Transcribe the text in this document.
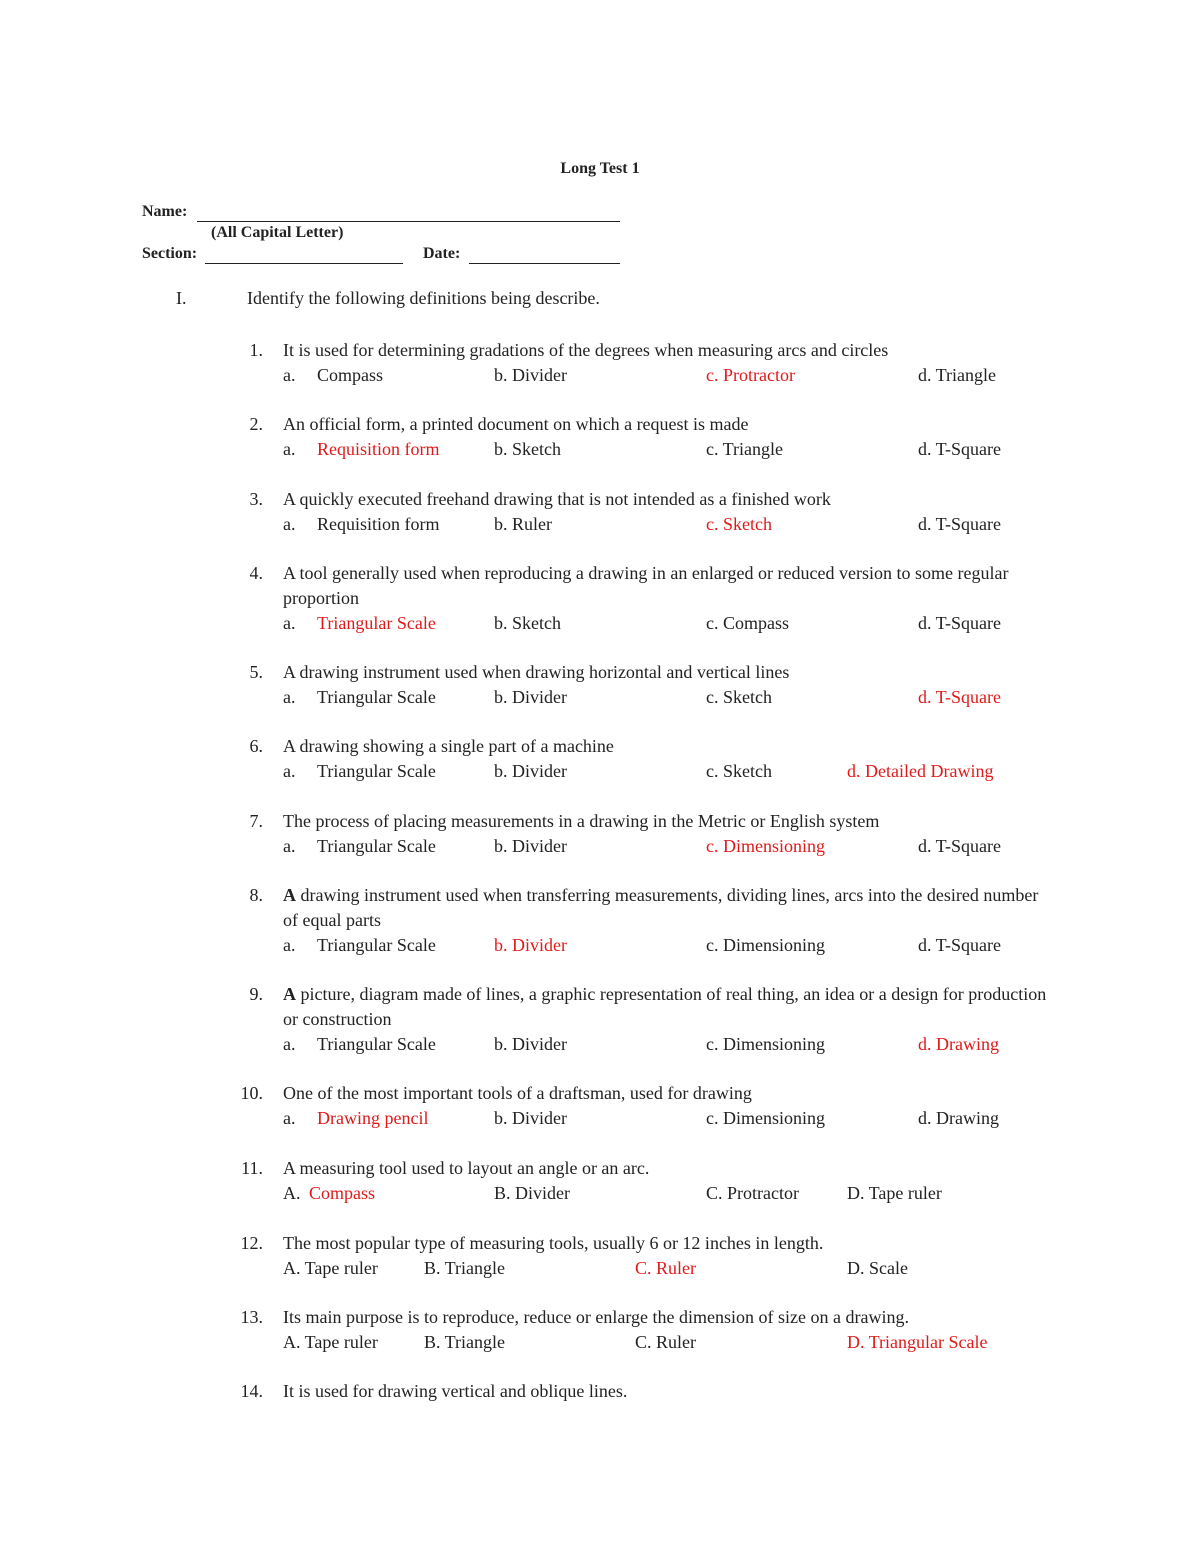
Long Test 1
Name:
(All Capital Letter)
Section:	Date:
I.	Identify the following definitions being describe.
1. It is used for determining gradations of the degrees when measuring arcs and circles
a. Compass	b. Divider	c. Protractor	d. Triangle
2. An official form, a printed document on which a request is made
a. Requisition form	b. Sketch	c. Triangle	d. T-Square
3. A quickly executed freehand drawing that is not intended as a finished work
a. Requisition form	b. Ruler	c. Sketch	d. T-Square
4. A tool generally used when reproducing a drawing in an enlarged or reduced version to some regular proportion
a. Triangular Scale	b. Sketch	c. Compass	d. T-Square
5. A drawing instrument used when drawing horizontal and vertical lines
a. Triangular Scale	b. Divider	c. Sketch	d. T-Square
6. A drawing showing a single part of a machine
a. Triangular Scale	b. Divider	c. Sketch	d. Detailed Drawing
7. The process of placing measurements in a drawing in the Metric or English system
a. Triangular Scale	b. Divider	c. Dimensioning	d. T-Square
8. A drawing instrument used when transferring measurements, dividing lines, arcs into the desired number of equal parts
a. Triangular Scale	b. Divider	c. Dimensioning	d. T-Square
9. A picture, diagram made of lines, a graphic representation of real thing, an idea or a design for production or construction
a. Triangular Scale	b. Divider	c. Dimensioning	d. Drawing
10. One of the most important tools of a draftsman, used for drawing
a. Drawing pencil	b. Divider	c. Dimensioning	d. Drawing
11. A measuring tool used to layout an angle or an arc.
A. Compass	B. Divider	C. Protractor	D. Tape ruler
12. The most popular type of measuring tools, usually 6 or 12 inches in length.
A. Tape ruler	B. Triangle	C. Ruler	D. Scale
13. Its main purpose is to reproduce, reduce or enlarge the dimension of size on a drawing.
A. Tape ruler	B. Triangle	C. Ruler	D. Triangular Scale
14. It is used for drawing vertical and oblique lines.
